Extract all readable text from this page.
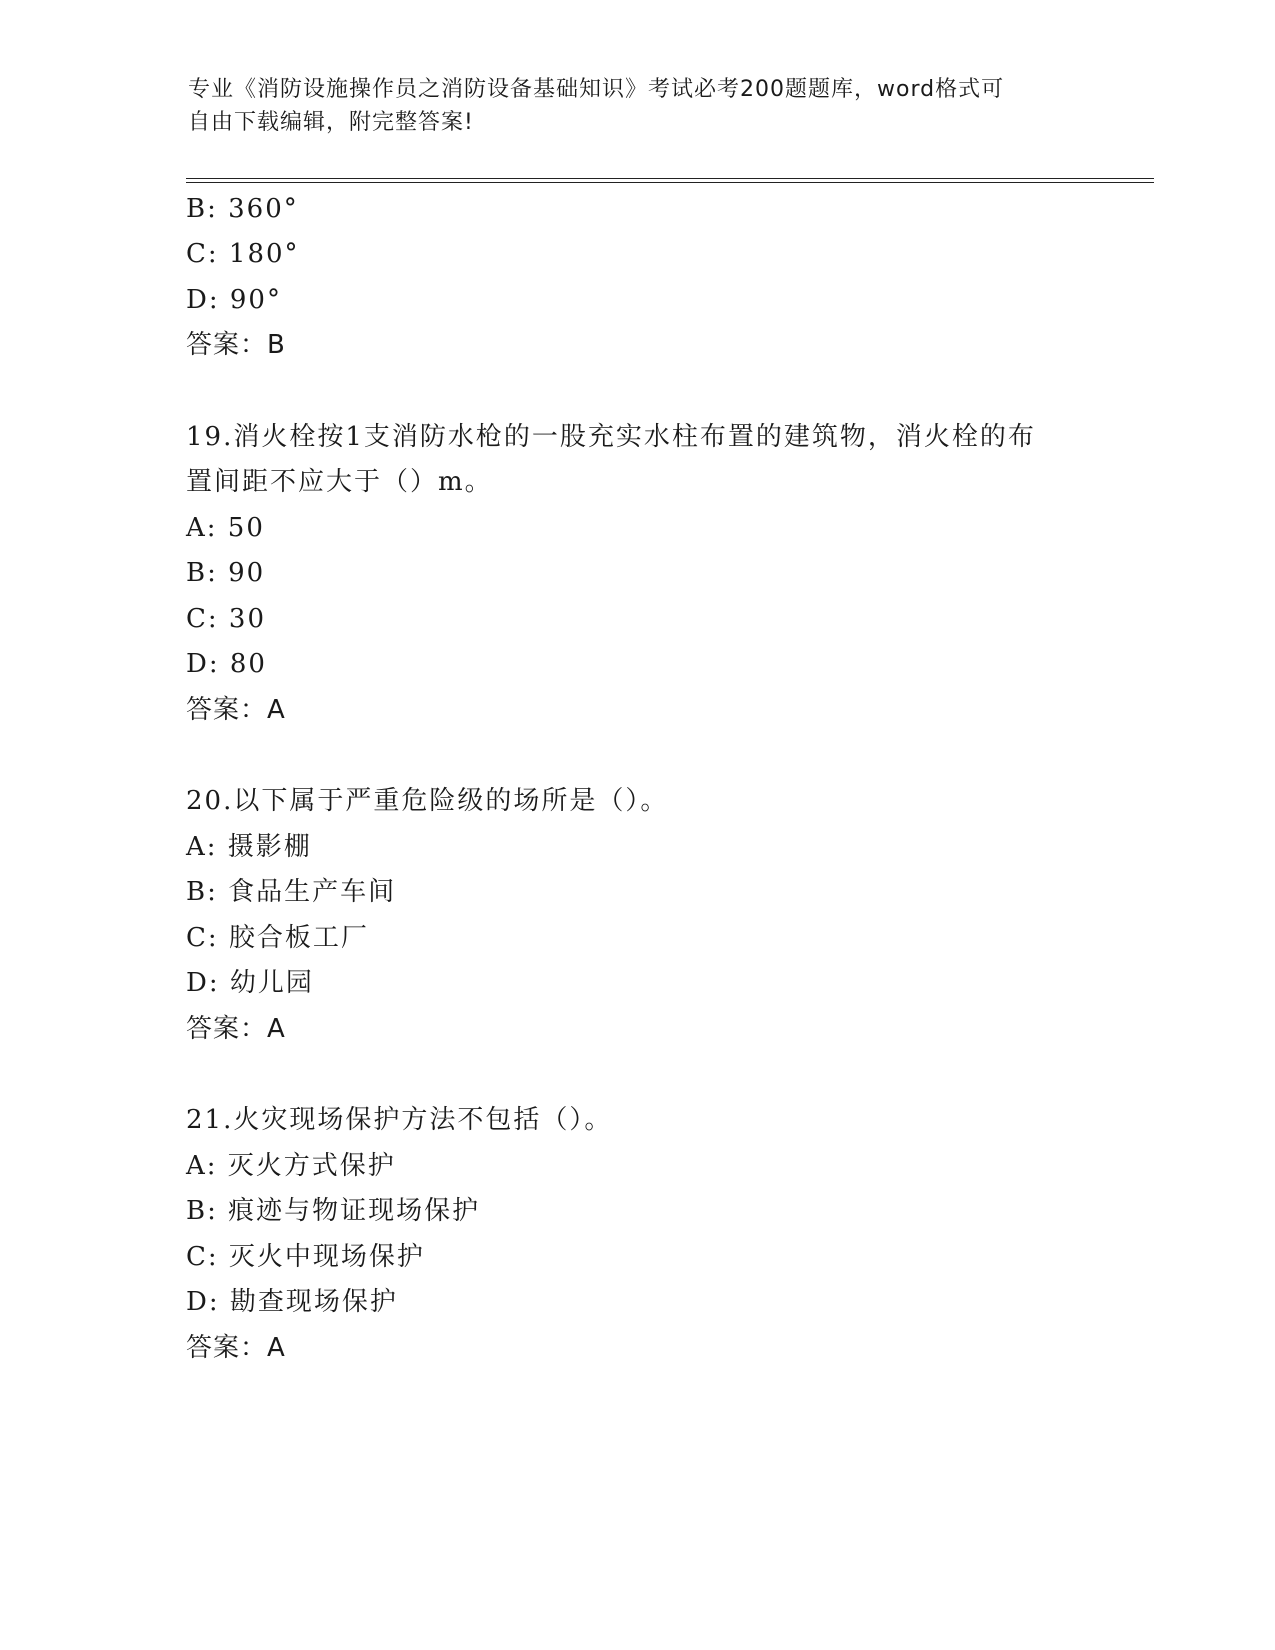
专业《消防设施操作员之消防设备基础知识》考试必考200题题库，word格式可
自由下载编辑，附完整答案!
B: 360°
C: 180°
D: 90°
答案：B
19.消火栓按1支消防水枪的一股充实水柱布置的建筑物，消火栓的布
置间距不应大于（）m。
A: 50
B: 90
C: 30
D: 80
答案：A
20.以下属于严重危险级的场所是（）。
A: 摄影棚
B: 食品生产车间
C: 胶合板工厂
D: 幼儿园
答案：A
21.火灾现场保护方法不包括（）。
A: 灭火方式保护
B: 痕迹与物证现场保护
C: 灭火中现场保护
D: 勘查现场保护
答案：A
